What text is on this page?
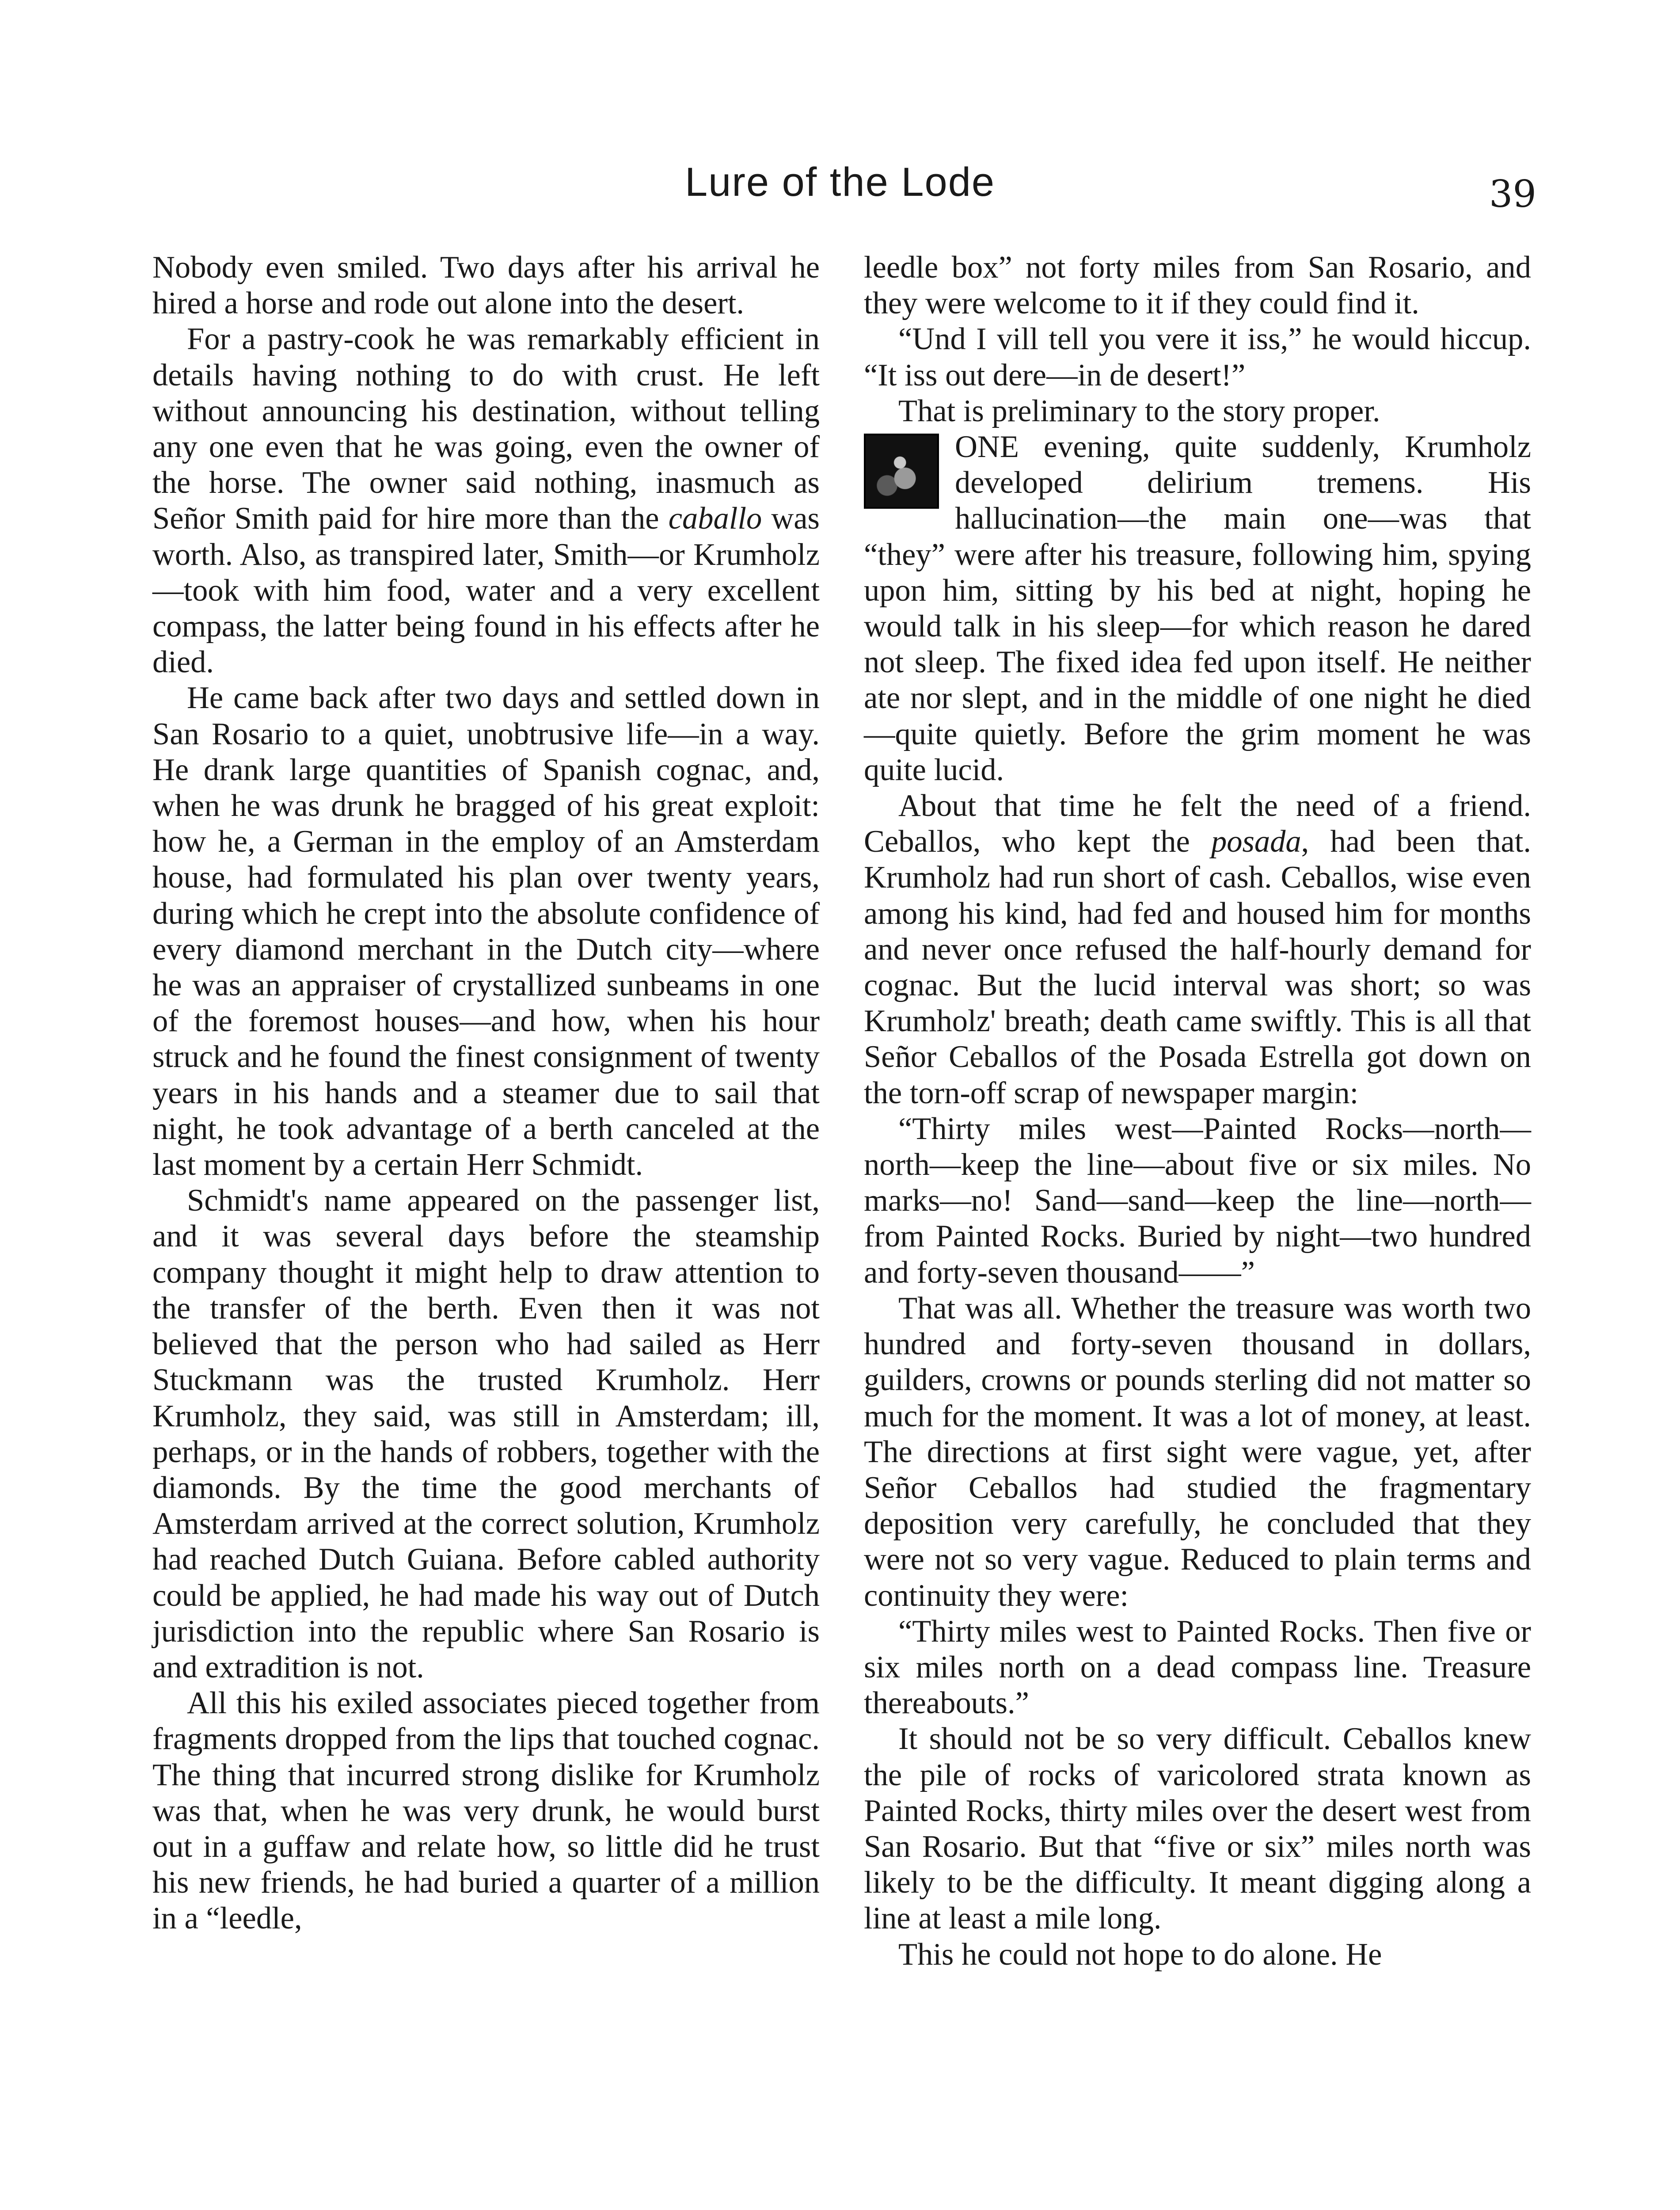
Lure of the Lode	39

Nobody even smiled. Two days after his arrival he hired a horse and rode out alone into the desert.

For a pastry-cook he was remarkably efficient in details having nothing to do with crust. He left without announcing his destination, without telling any one even that he was going, even the owner of the horse. The owner said nothing, inasmuch as Señor Smith paid for hire more than the caballo was worth. Also, as transpired later, Smith—or Krumholz—took with him food, water and a very excellent compass, the latter being found in his effects after he died.

He came back after two days and settled down in San Rosario to a quiet, unobtrusive life—in a way. He drank large quantities of Spanish cognac, and, when he was drunk he bragged of his great exploit: how he, a German in the employ of an Amsterdam house, had formulated his plan over twenty years, during which he crept into the absolute confidence of every diamond merchant in the Dutch city—where he was an appraiser of crystallized sunbeams in one of the foremost houses—and how, when his hour struck and he found the finest consignment of twenty years in his hands and a steamer due to sail that night, he took advantage of a berth canceled at the last moment by a certain Herr Schmidt.

Schmidt's name appeared on the passenger list, and it was several days before the steamship company thought it might help to draw attention to the transfer of the berth. Even then it was not believed that the person who had sailed as Herr Stuckmann was the trusted Krumholz. Herr Krumholz, they said, was still in Amsterdam; ill, perhaps, or in the hands of robbers, together with the diamonds. By the time the good merchants of Amsterdam arrived at the correct solution, Krumholz had reached Dutch Guiana. Before cabled authority could be applied, he had made his way out of Dutch jurisdiction into the republic where San Rosario is and extradition is not.

All this his exiled associates pieced together from fragments dropped from the lips that touched cognac. The thing that incurred strong dislike for Krumholz was that, when he was very drunk, he would burst out in a guffaw and relate how, so little did he trust his new friends, he had buried a quarter of a million in a “leedle,

leedle box” not forty miles from San Rosario, and they were welcome to it if they could find it.

“Und I vill tell you vere it iss,” he would hiccup. “It iss out dere—in de desert!”

That is preliminary to the story proper.

ONE evening, quite suddenly, Krumholz developed delirium tremens. His hallucination—the main one—was that “they” were after his treasure, following him, spying upon him, sitting by his bed at night, hoping he would talk in his sleep—for which reason he dared not sleep. The fixed idea fed upon itself. He neither ate nor slept, and in the middle of one night he died—quite quietly. Before the grim moment he was quite lucid.

About that time he felt the need of a friend. Ceballos, who kept the posada, had been that. Krumholz had run short of cash. Ceballos, wise even among his kind, had fed and housed him for months and never once refused the half-hourly demand for cognac. But the lucid interval was short; so was Krumholz' breath; death came swiftly. This is all that Señor Ceballos of the Posada Estrella got down on the torn-off scrap of newspaper margin:

“Thirty miles west—Painted Rocks—north—north—keep the line—about five or six miles. No marks—no! Sand—sand—keep the line—north—from Painted Rocks. Buried by night—two hundred and forty-seven thousand——”

That was all. Whether the treasure was worth two hundred and forty-seven thousand in dollars, guilders, crowns or pounds sterling did not matter so much for the moment. It was a lot of money, at least. The directions at first sight were vague, yet, after Señor Ceballos had studied the fragmentary deposition very carefully, he concluded that they were not so very vague. Reduced to plain terms and continuity they were:

“Thirty miles west to Painted Rocks. Then five or six miles north on a dead compass line. Treasure thereabouts.”

It should not be so very difficult. Ceballos knew the pile of rocks of varicolored strata known as Painted Rocks, thirty miles over the desert west from San Rosario. But that “five or six” miles north was likely to be the difficulty. It meant digging along a line at least a mile long.

This he could not hope to do alone. He
